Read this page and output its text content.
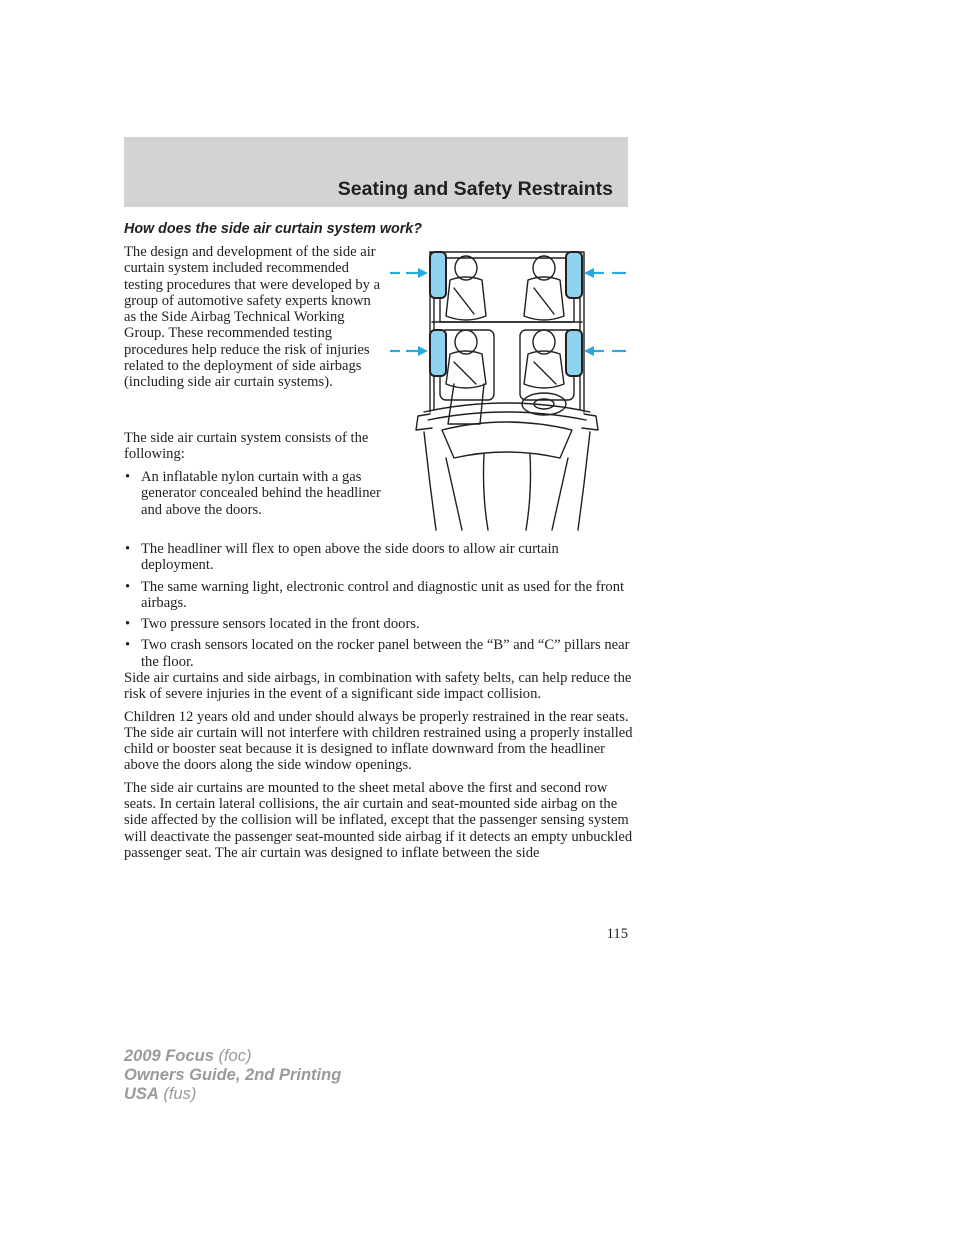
Seating and Safety Restraints
How does the side air curtain system work?

The design and development of the side air curtain system included recommended testing procedures that were developed by a group of automotive safety experts known as the Side Airbag Technical Working Group. These recommended testing procedures help reduce the risk of injuries related to the deployment of side airbags (including side air curtain systems).

The side air curtain system consists of the following:

• An inflatable nylon curtain with a gas generator concealed behind the headliner and above the doors.
• The headliner will flex to open above the side doors to allow air curtain deployment.
• The same warning light, electronic control and diagnostic unit as used for the front airbags.
• Two pressure sensors located in the front doors.
• Two crash sensors located on the rocker panel between the “B” and “C” pillars near the floor.

Side air curtains and side airbags, in combination with safety belts, can help reduce the risk of severe injuries in the event of a significant side impact collision.

Children 12 years old and under should always be properly restrained in the rear seats. The side air curtain will not interfere with children restrained using a properly installed child or booster seat because it is designed to inflate downward from the headliner above the doors along the side window openings.

The side air curtains are mounted to the sheet metal above the first and second row seats. In certain lateral collisions, the air curtain and seat-mounted side airbag on the side affected by the collision will be inflated, except that the passenger sensing system will deactivate the passenger seat-mounted side airbag if it detects an empty unbuckled passenger seat. The air curtain was designed to inflate between the side

115
2009 Focus (foc)
Owners Guide, 2nd Printing
USA (fus)
